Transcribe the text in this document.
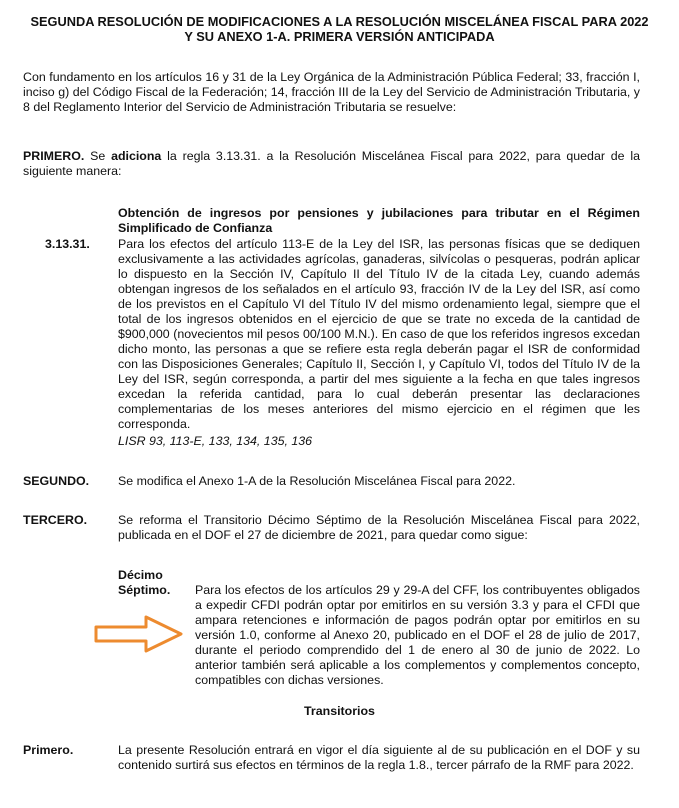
SEGUNDA RESOLUCIÓN DE MODIFICACIONES A LA RESOLUCIÓN MISCELÁNEA FISCAL PARA 2022
Y SU ANEXO 1-A. PRIMERA VERSIÓN ANTICIPADA
Con fundamento en los artículos 16 y 31 de la Ley Orgánica de la Administración Pública Federal; 33, fracción I, inciso g) del Código Fiscal de la Federación; 14, fracción III de la Ley del Servicio de Administración Tributaria, y 8 del Reglamento Interior del Servicio de Administración Tributaria se resuelve:
PRIMERO. Se adiciona la regla 3.13.31. a la Resolución Miscelánea Fiscal para 2022, para quedar de la siguiente manera:
Obtención de ingresos por pensiones y jubilaciones para tributar en el Régimen Simplificado de Confianza
3.13.31. Para los efectos del artículo 113-E de la Ley del ISR, las personas físicas que se dediquen exclusivamente a las actividades agrícolas, ganaderas, silvícolas o pesqueras, podrán aplicar lo dispuesto en la Sección IV, Capítulo II del Título IV de la citada Ley, cuando además obtengan ingresos de los señalados en el artículo 93, fracción IV de la Ley del ISR, así como de los previstos en el Capítulo VI del Título IV del mismo ordenamiento legal, siempre que el total de los ingresos obtenidos en el ejercicio de que se trate no exceda de la cantidad de $900,000 (novecientos mil pesos 00/100 M.N.). En caso de que los referidos ingresos excedan dicho monto, las personas a que se refiere esta regla deberán pagar el ISR de conformidad con las Disposiciones Generales; Capítulo II, Sección I, y Capítulo VI, todos del Título IV de la Ley del ISR, según corresponda, a partir del mes siguiente a la fecha en que tales ingresos excedan la referida cantidad, para lo cual deberán presentar las declaraciones complementarias de los meses anteriores del mismo ejercicio en el régimen que les corresponda.
LISR 93, 113-E, 133, 134, 135, 136
SEGUNDO. Se modifica el Anexo 1-A de la Resolución Miscelánea Fiscal para 2022.
TERCERO. Se reforma el Transitorio Décimo Séptimo de la Resolución Miscelánea Fiscal para 2022, publicada en el DOF el 27 de diciembre de 2021, para quedar como sigue:
Décimo
Séptimo. Para los efectos de los artículos 29 y 29-A del CFF, los contribuyentes obligados a expedir CFDI podrán optar por emitirlos en su versión 3.3 y para el CFDI que ampara retenciones e información de pagos podrán optar por emitirlos en su versión 1.0, conforme al Anexo 20, publicado en el DOF el 28 de julio de 2017, durante el periodo comprendido del 1 de enero al 30 de junio de 2022. Lo anterior también será aplicable a los complementos y complementos concepto, compatibles con dichas versiones.
Transitorios
Primero.	La presente Resolución entrará en vigor el día siguiente al de su publicación en el DOF y su contenido surtirá sus efectos en términos de la regla 1.8., tercer párrafo de la RMF para 2022.
